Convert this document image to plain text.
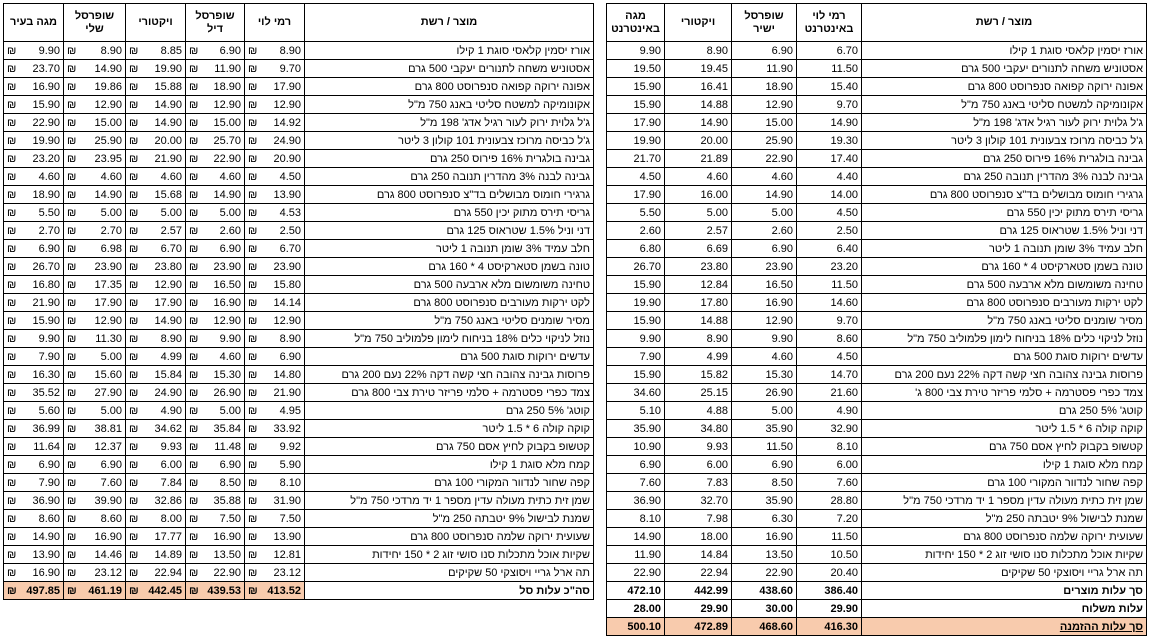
מגה בעיר	שופרסל שלי	ויקטורי	שופרסל דיל	רמי לוי	מוצר / רשת

₪ 9.90	₪ 8.90	₪ 8.85	₪ 6.90	₪ 8.90	אורז יסמין קלאסי סוגת 1 קילו

₪ 23.70	₪ 14.90	₪ 19.90	₪ 11.90	₪ 9.70	אסטוניש משחה לתנורים יעקבי 500 גרם

₪ 16.90	₪ 19.86	₪ 15.88	₪ 18.90	₪ 17.90	אפונה ירוקה קפואה סנפרוסט 800 גרם

₪ 15.90	₪ 12.90	₪ 14.90	₪ 12.90	₪ 12.90	אקונומיקה למשטח סליטי באנג 750 מ"ל

₪ 22.90	₪ 15.00	₪ 14.90	₪ 15.00	₪ 14.92	ג'ל גלוית ירוק לעור רגיל אדג' 198 מ"ל

₪ 19.90	₪ 25.90	₪ 20.00	₪ 25.70	₪ 24.90	ג'ל כביסה מרוכז צבעונית 101 קולון 3 ליטר

₪ 23.20	₪ 23.95	₪ 21.90	₪ 22.90	₪ 20.90	גבינה בולגרית 16% פירוס 250 גרם

₪ 4.60	₪ 4.60	₪ 4.60	₪ 4.60	₪ 4.50	גבינה לבנה 3% מהדרין תנובה 250 גרם

₪ 18.90	₪ 14.90	₪ 15.68	₪ 14.90	₪ 13.90	גרגירי חומוס מבושלים בד"צ סנפרוסט 800 גרם

₪ 5.50	₪ 5.00	₪ 5.00	₪ 5.00	₪ 4.53	גריסי תירס מתוק יכין 550 גרם

₪ 2.70	₪ 2.70	₪ 2.57	₪ 2.60	₪ 2.50	דני וניל 1.5% שטראוס 125 גרם

₪ 6.90	₪ 6.98	₪ 6.70	₪ 6.90	₪ 6.70	חלב עמיד 3% שומן תנובה 1 ליטר

₪ 26.70	₪ 23.90	₪ 23.80	₪ 23.90	₪ 23.90	טונה בשמן סטארקיסט 4 * 160 גרם

₪ 16.80	₪ 17.35	₪ 12.90	₪ 16.50	₪ 15.80	טחינה משומשום מלא ארבעה 500 גרם

₪ 21.90	₪ 17.90	₪ 17.90	₪ 16.90	₪ 14.14	לקט ירקות מעורבים סנפרוסט 800 גרם

₪ 15.90	₪ 12.90	₪ 14.90	₪ 12.90	₪ 12.90	מסיר שומנים סליטי באנג 750 מ"ל

₪ 9.90	₪ 11.30	₪ 8.90	₪ 9.90	₪ 8.90	נוזל לניקוי כלים 18% בניחוח לימון פלמוליב 750 מ"ל

₪ 7.90	₪ 5.00	₪ 4.99	₪ 4.60	₪ 6.90	עדשים ירוקות סוגת 500 גרם

₪ 16.30	₪ 15.60	₪ 15.84	₪ 15.30	₪ 14.80	פרוסות גבינה צהובה חצי קשה דקה 22% נעם 200 גרם

₪ 35.52	₪ 27.90	₪ 24.90	₪ 26.90	₪ 21.90	צמד כפרי פסטרמה + סלמי פריזר טירת צבי 800 גרם

₪ 5.60	₪ 5.00	₪ 4.90	₪ 5.00	₪ 4.95	קוטג' 5% 250 גרם

₪ 36.99	₪ 38.81	₪ 34.62	₪ 35.84	₪ 33.92	קוקה קולה 6 * 1.5 ליטר

₪ 11.64	₪ 12.37	₪ 9.93	₪ 11.48	₪ 9.92	קטשופ בקבוק לחיץ אסם 750 גרם

₪ 6.90	₪ 6.90	₪ 6.00	₪ 6.90	₪ 5.90	קמח מלא סוגת 1 קילו

₪ 7.90	₪ 7.60	₪ 7.84	₪ 8.50	₪ 8.10	קפה שחור לנדוור המקורי 100 גרם

₪ 36.90	₪ 39.90	₪ 32.86	₪ 35.88	₪ 31.90	שמן זית כתית מעולה עדין מספר 1 יד מרדכי 750 מ"ל

₪ 8.60	₪ 8.60	₪ 8.00	₪ 7.50	₪ 7.50	שמנת לבישול 9% יטבתה 250 מ"ל

₪ 14.90	₪ 16.90	₪ 17.77	₪ 16.90	₪ 13.90	שעועית ירוקה שלמה סנפרוסט 800 גרם

₪ 13.90	₪ 14.46	₪ 14.89	₪ 13.50	₪ 12.81	שקיות אוכל מתכלות סנו סושי זוג 2 * 150 יחידות

₪ 16.90	₪ 23.12	₪ 22.94	₪ 22.90	₪ 23.12	תה ארל גריי ויסוצקי 50 שקיקים

₪ 497.85	₪ 461.19	₪ 442.45	₪ 439.53	₪ 413.52	סה"כ עלות סל
מגה באינטרנט	ויקטורי	שופרסל ישיר	רמי לוי באינטרנט	מוצר / רשת
9.90	8.90	6.90	6.70	אורז יסמין קלאסי סוגת 1 קילו
19.50	19.45	11.90	11.50	אסטוניש משחה לתנורים יעקבי 500 גרם
15.90	16.41	18.90	15.40	אפונה ירוקה קפואה סנפרוסט 800 גרם
15.90	14.88	12.90	9.70	אקונומיקה למשטח סליטי באנג 750 מ"ל
17.90	14.90	15.00	14.90	ג'ל גלוית ירוק לעור רגיל אדג' 198 מ"ל
19.90	20.00	25.90	19.30	ג'ל כביסה מרוכז צבעונית 101 קולון 3 ליטר
21.70	21.89	22.90	17.40	גבינה בולגרית 16% פירוס 250 גרם
4.50	4.60	4.60	4.40	גבינה לבנה 3% מהדרין תנובה 250 גרם
17.90	16.00	14.90	14.00	גרגירי חומוס מבושלים בד"צ סנפרוסט 800 גרם
5.50	5.00	5.00	4.50	גריסי תירס מתוק יכין 550 גרם
2.60	2.57	2.60	2.50	דני וניל 1.5% שטראוס 125 גרם
6.80	6.69	6.90	6.40	חלב עמיד 3% שומן תנובה 1 ליטר
26.70	23.80	23.90	23.20	טונה בשמן סטארקיסט 4 * 160 גרם
15.90	12.84	16.50	11.50	טחינה משומשום מלא ארבעה 500 גרם
19.90	17.80	16.90	14.60	לקט ירקות מעורבים סנפרוסט 800 גרם
15.90	14.88	12.90	9.70	מסיר שומנים סליטי באנג 750 מ"ל
9.90	8.90	9.90	8.60	נוזל לניקוי כלים 18% בניחוח לימון פלמוליב 750 מ"ל
7.90	4.99	4.60	4.50	עדשים ירוקות סוגת 500 גרם
15.90	15.82	15.30	14.70	פרוסות גבינה צהובה חצי קשה דקה 22% נעם 200 גרם
34.60	25.15	26.90	21.60	צמד כפרי פסטרמה + סלמי פריזר טירת צבי 800 ג'
5.10	4.88	5.00	4.90	קוטג' 5% 250 גרם
35.90	34.80	35.90	32.90	קוקה קולה 6 * 1.5 ליטר
10.90	9.93	11.50	8.10	קטשופ בקבוק לחיץ אסם 750 גרם
6.90	6.00	6.90	6.00	קמח מלא סוגת 1 קילו
7.60	7.83	8.50	7.60	קפה שחור לנדוור המקורי 100 גרם
36.90	32.70	35.90	28.80	שמן זית כתית מעולה עדין מספר 1 יד מרדכי 750 מ"ל
8.10	7.98	6.30	7.20	שמנת לבישול 9% יטבתה 250 מ"ל
14.90	18.00	16.90	11.50	שעועית ירוקה שלמה סנפרוסט 800 גרם
11.90	14.84	13.50	10.50	שקיות אוכל מתכלות סנו סושי זוג 2 * 150 יחידות
22.90	22.94	22.90	20.40	תה ארל גריי ויסוצקי 50 שקיקים
472.10	442.99	438.60	386.40	סך עלות מוצרים
28.00	29.90	30.00	29.90	עלות משלוח
500.10	472.89	468.60	416.30	סך עלות ההזמנה
